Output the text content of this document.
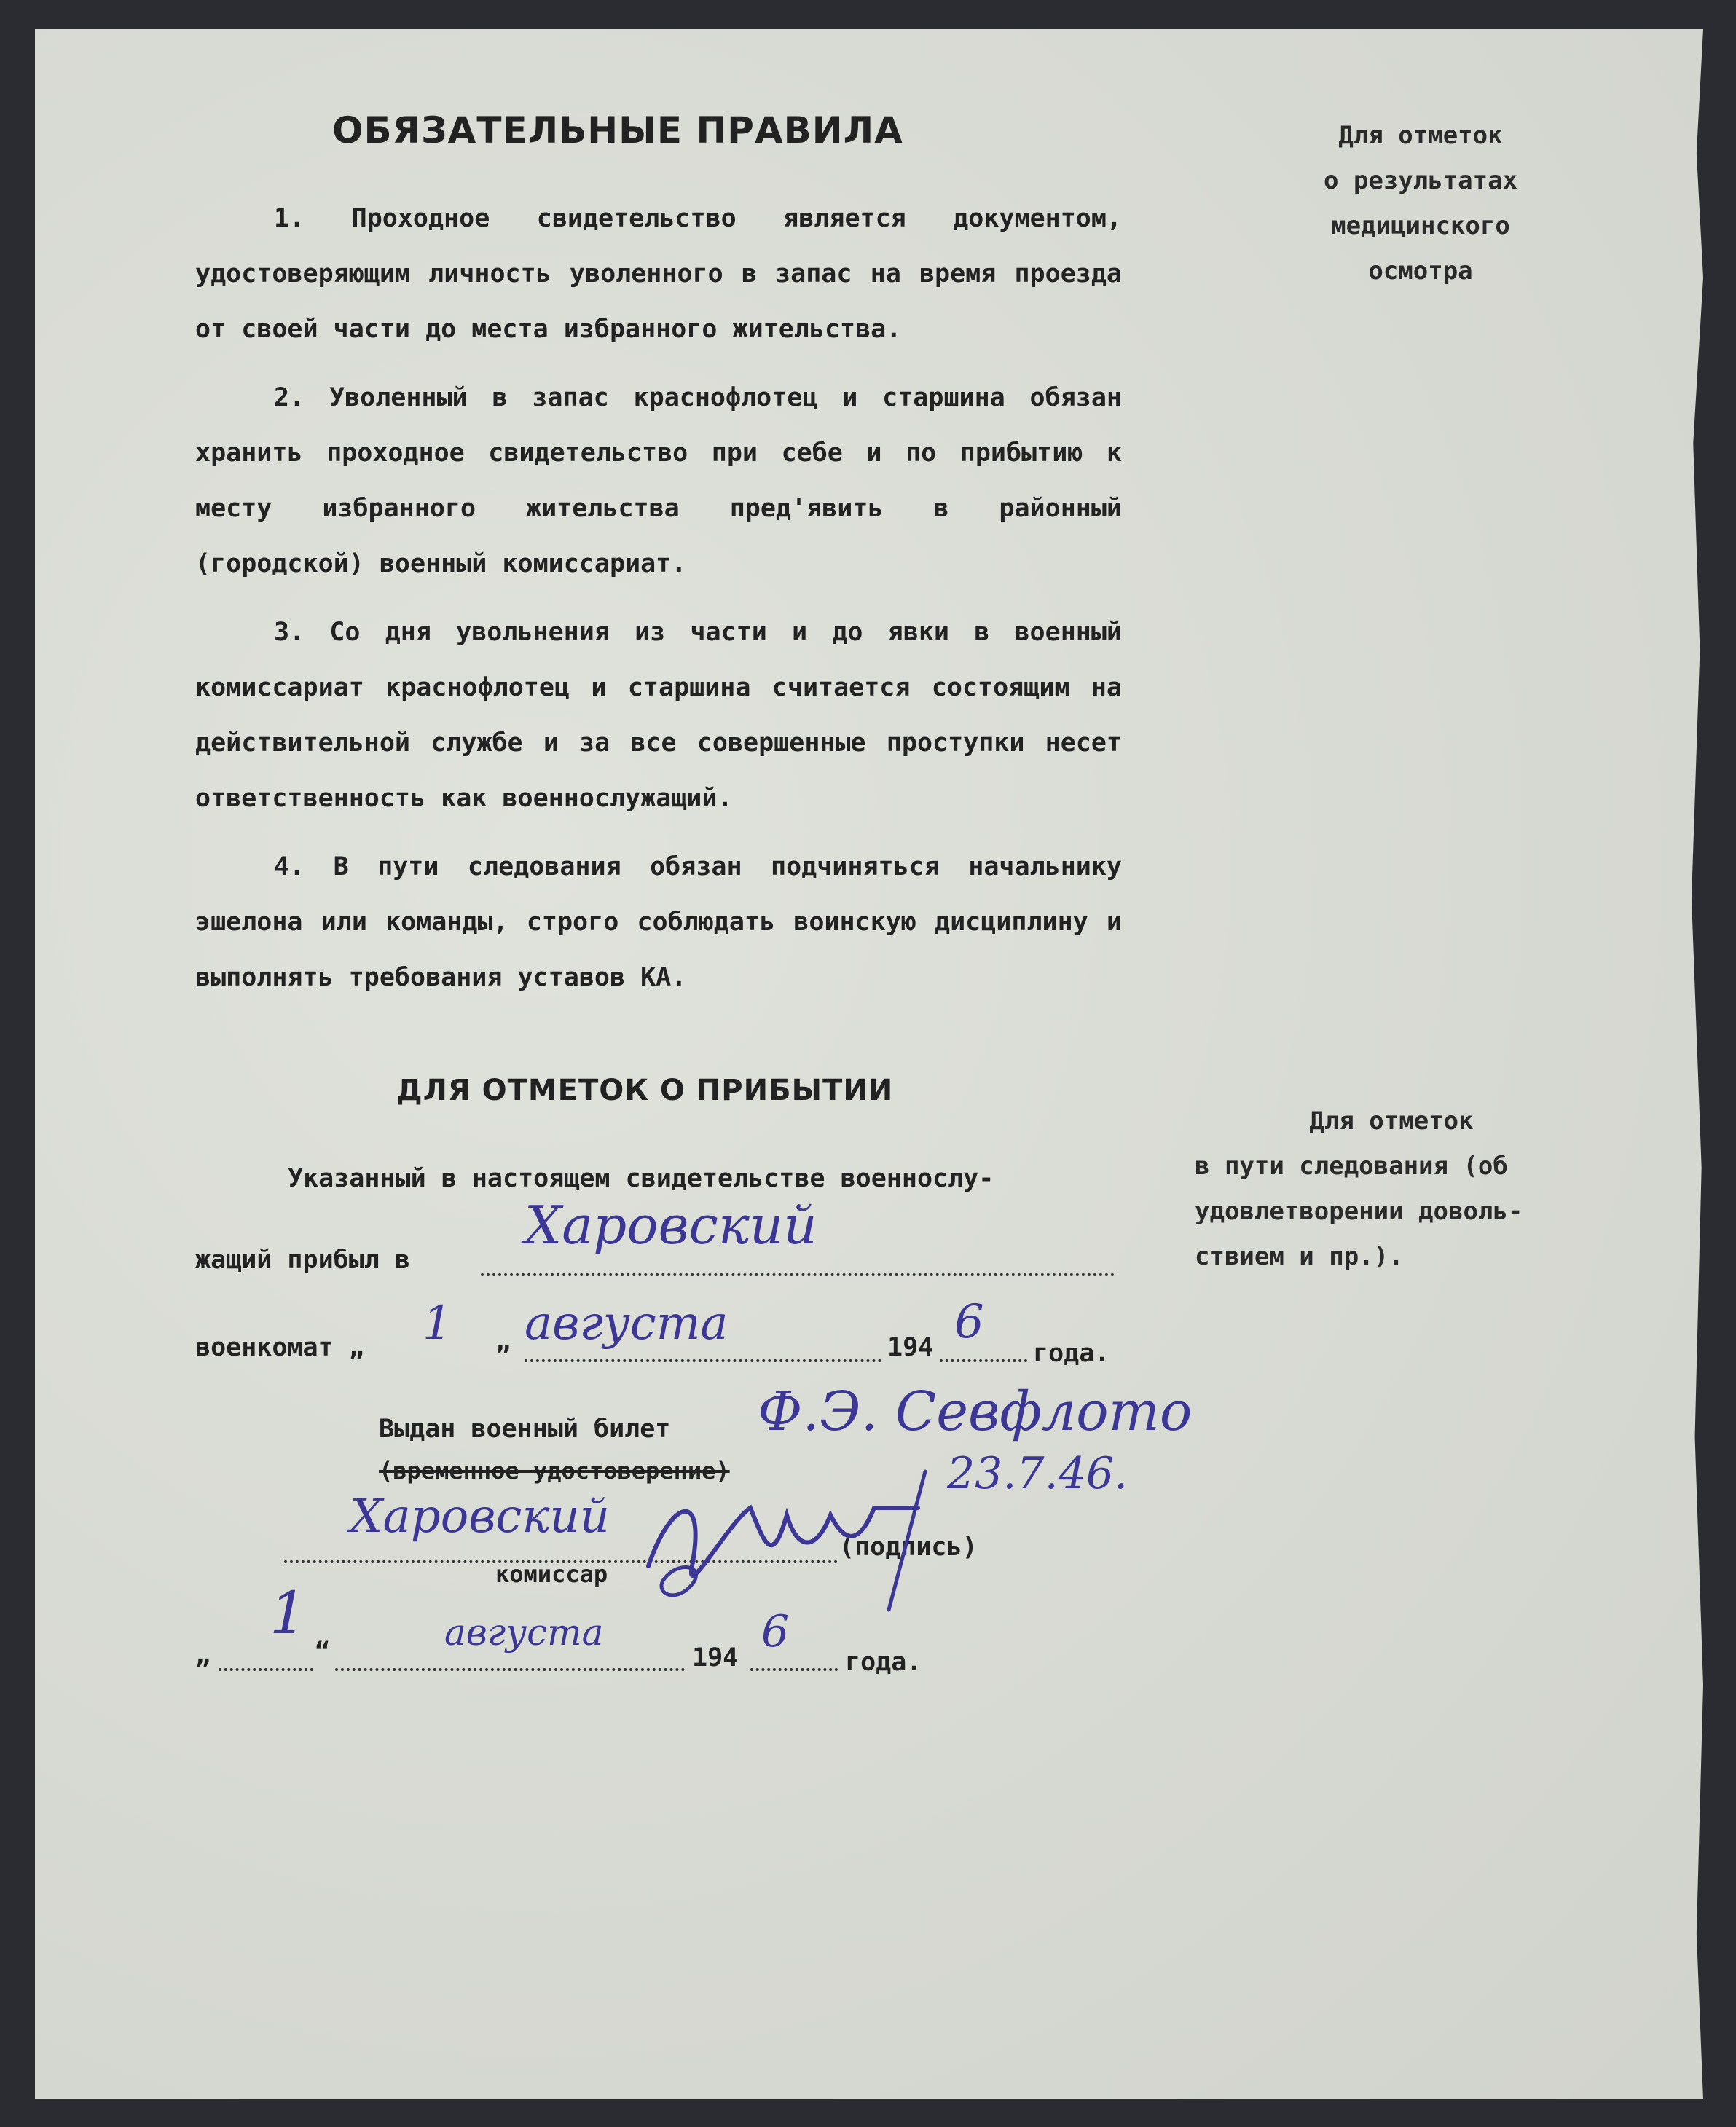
ОБЯЗАТЕЛЬНЫЕ ПРАВИЛА	Для отметок
о результатах
медицинского
осмотра

1. Проходное свидетельство является документом, удостоверяющим личность уволенного в запас на время проезда от своей части до места избранного жительства.

2. Уволенный в запас краснофлотец и старшина обязан хранить проходное свидетельство при себе и по прибытию к месту избранного жительства пред'явить в районный (городской) военный комиссариат.

3. Со дня увольнения из части и до явки в военный комиссариат краснофлотец и старшина считается состоящим на действительной службе и за все совершенные проступки несет ответственность как военнослужащий.

4. В пути следования обязан подчиняться начальнику эшелона или команды, строго соблюдать воинскую дисциплину и выполнять требования уставов КА.

ДЛЯ ОТМЕТОК О ПРИБЫТИИ
Для отметок
в пути следования (об
удовлетворении доволь-
ствием и пр.).
Указанный в настоящем свидетельстве военнослу-
жащий прибыл в
Харовский
военкомат „ 1 „ августа	194 6
года.
Выдан военный билет Ф.Э. Севфлото
(временное удостоверение)	23.7.46.
Харовский
(подпись)
комиссар
„
1
“	августа
194
6
года.
